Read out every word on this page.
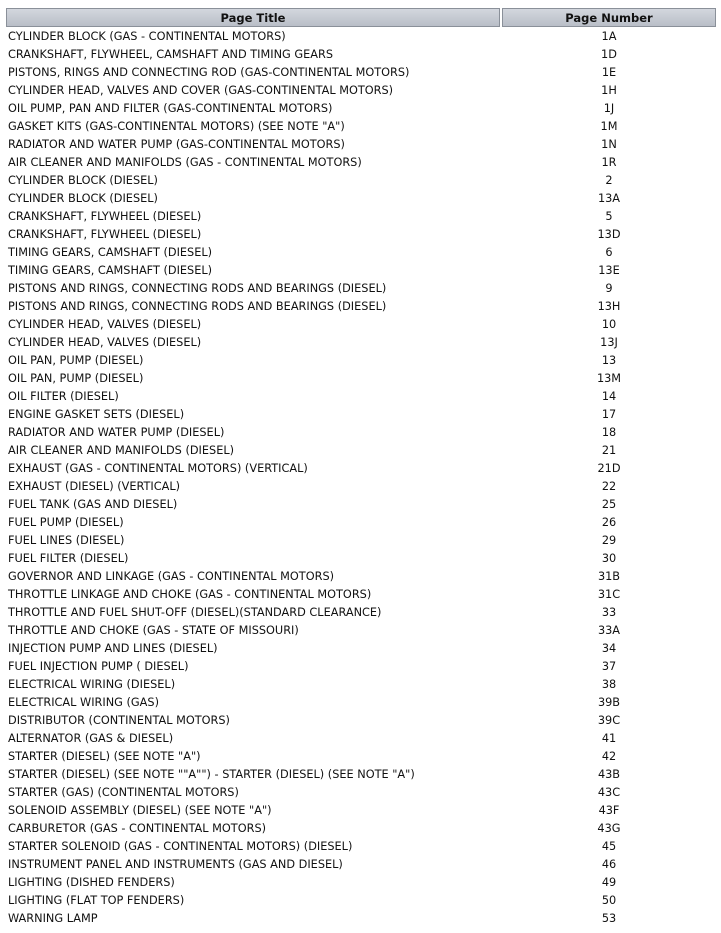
Page Title	Page Number
CYLINDER BLOCK (GAS - CONTINENTAL MOTORS)	1A
CRANKSHAFT, FLYWHEEL, CAMSHAFT AND TIMING GEARS	1D
PISTONS, RINGS AND CONNECTING ROD (GAS-CONTINENTAL MOTORS)	1E
CYLINDER HEAD, VALVES AND COVER (GAS-CONTINENTAL MOTORS)	1H
OIL PUMP, PAN AND FILTER (GAS-CONTINENTAL MOTORS)	1J
GASKET KITS (GAS-CONTINENTAL MOTORS) (SEE NOTE "A")	1M
RADIATOR AND WATER PUMP (GAS-CONTINENTAL MOTORS)	1N
AIR CLEANER AND MANIFOLDS (GAS - CONTINENTAL MOTORS)	1R
CYLINDER BLOCK (DIESEL)	2
CYLINDER BLOCK (DIESEL)	13A
CRANKSHAFT, FLYWHEEL (DIESEL)	5
CRANKSHAFT, FLYWHEEL (DIESEL)	13D
TIMING GEARS, CAMSHAFT (DIESEL)	6
TIMING GEARS, CAMSHAFT (DIESEL)	13E
PISTONS AND RINGS, CONNECTING RODS AND BEARINGS (DIESEL)	9
PISTONS AND RINGS, CONNECTING RODS AND BEARINGS (DIESEL)	13H
CYLINDER HEAD, VALVES (DIESEL)	10
CYLINDER HEAD, VALVES (DIESEL)	13J
OIL PAN, PUMP (DIESEL)	13
OIL PAN, PUMP (DIESEL)	13M
OIL FILTER (DIESEL)	14
ENGINE GASKET SETS (DIESEL)	17
RADIATOR AND WATER PUMP (DIESEL)	18
AIR CLEANER AND MANIFOLDS (DIESEL)	21
EXHAUST (GAS - CONTINENTAL MOTORS) (VERTICAL)	21D
EXHAUST (DIESEL) (VERTICAL)	22
FUEL TANK (GAS AND DIESEL)	25
FUEL PUMP (DIESEL)	26
FUEL LINES (DIESEL)	29
FUEL FILTER (DIESEL)	30
GOVERNOR AND LINKAGE (GAS - CONTINENTAL MOTORS)	31B
THROTTLE LINKAGE AND CHOKE (GAS - CONTINENTAL MOTORS)	31C
THROTTLE AND FUEL SHUT-OFF (DIESEL)(STANDARD CLEARANCE)	33
THROTTLE AND CHOKE (GAS - STATE OF MISSOURI)	33A
INJECTION PUMP AND LINES (DIESEL)	34
FUEL INJECTION PUMP ( DIESEL)	37
ELECTRICAL WIRING (DIESEL)	38
ELECTRICAL WIRING (GAS)	39B
DISTRIBUTOR (CONTINENTAL MOTORS)	39C
ALTERNATOR (GAS & DIESEL)	41
STARTER (DIESEL) (SEE NOTE "A")	42
STARTER (DIESEL) (SEE NOTE ""A"") - STARTER (DIESEL) (SEE NOTE "A")	43B
STARTER (GAS) (CONTINENTAL MOTORS)	43C
SOLENOID ASSEMBLY (DIESEL) (SEE NOTE "A")	43F
CARBURETOR (GAS - CONTINENTAL MOTORS)	43G
STARTER SOLENOID (GAS - CONTINENTAL MOTORS) (DIESEL)	45
INSTRUMENT PANEL AND INSTRUMENTS (GAS AND DIESEL)	46
LIGHTING (DISHED FENDERS)	49
LIGHTING (FLAT TOP FENDERS)	50
WARNING LAMP	53
